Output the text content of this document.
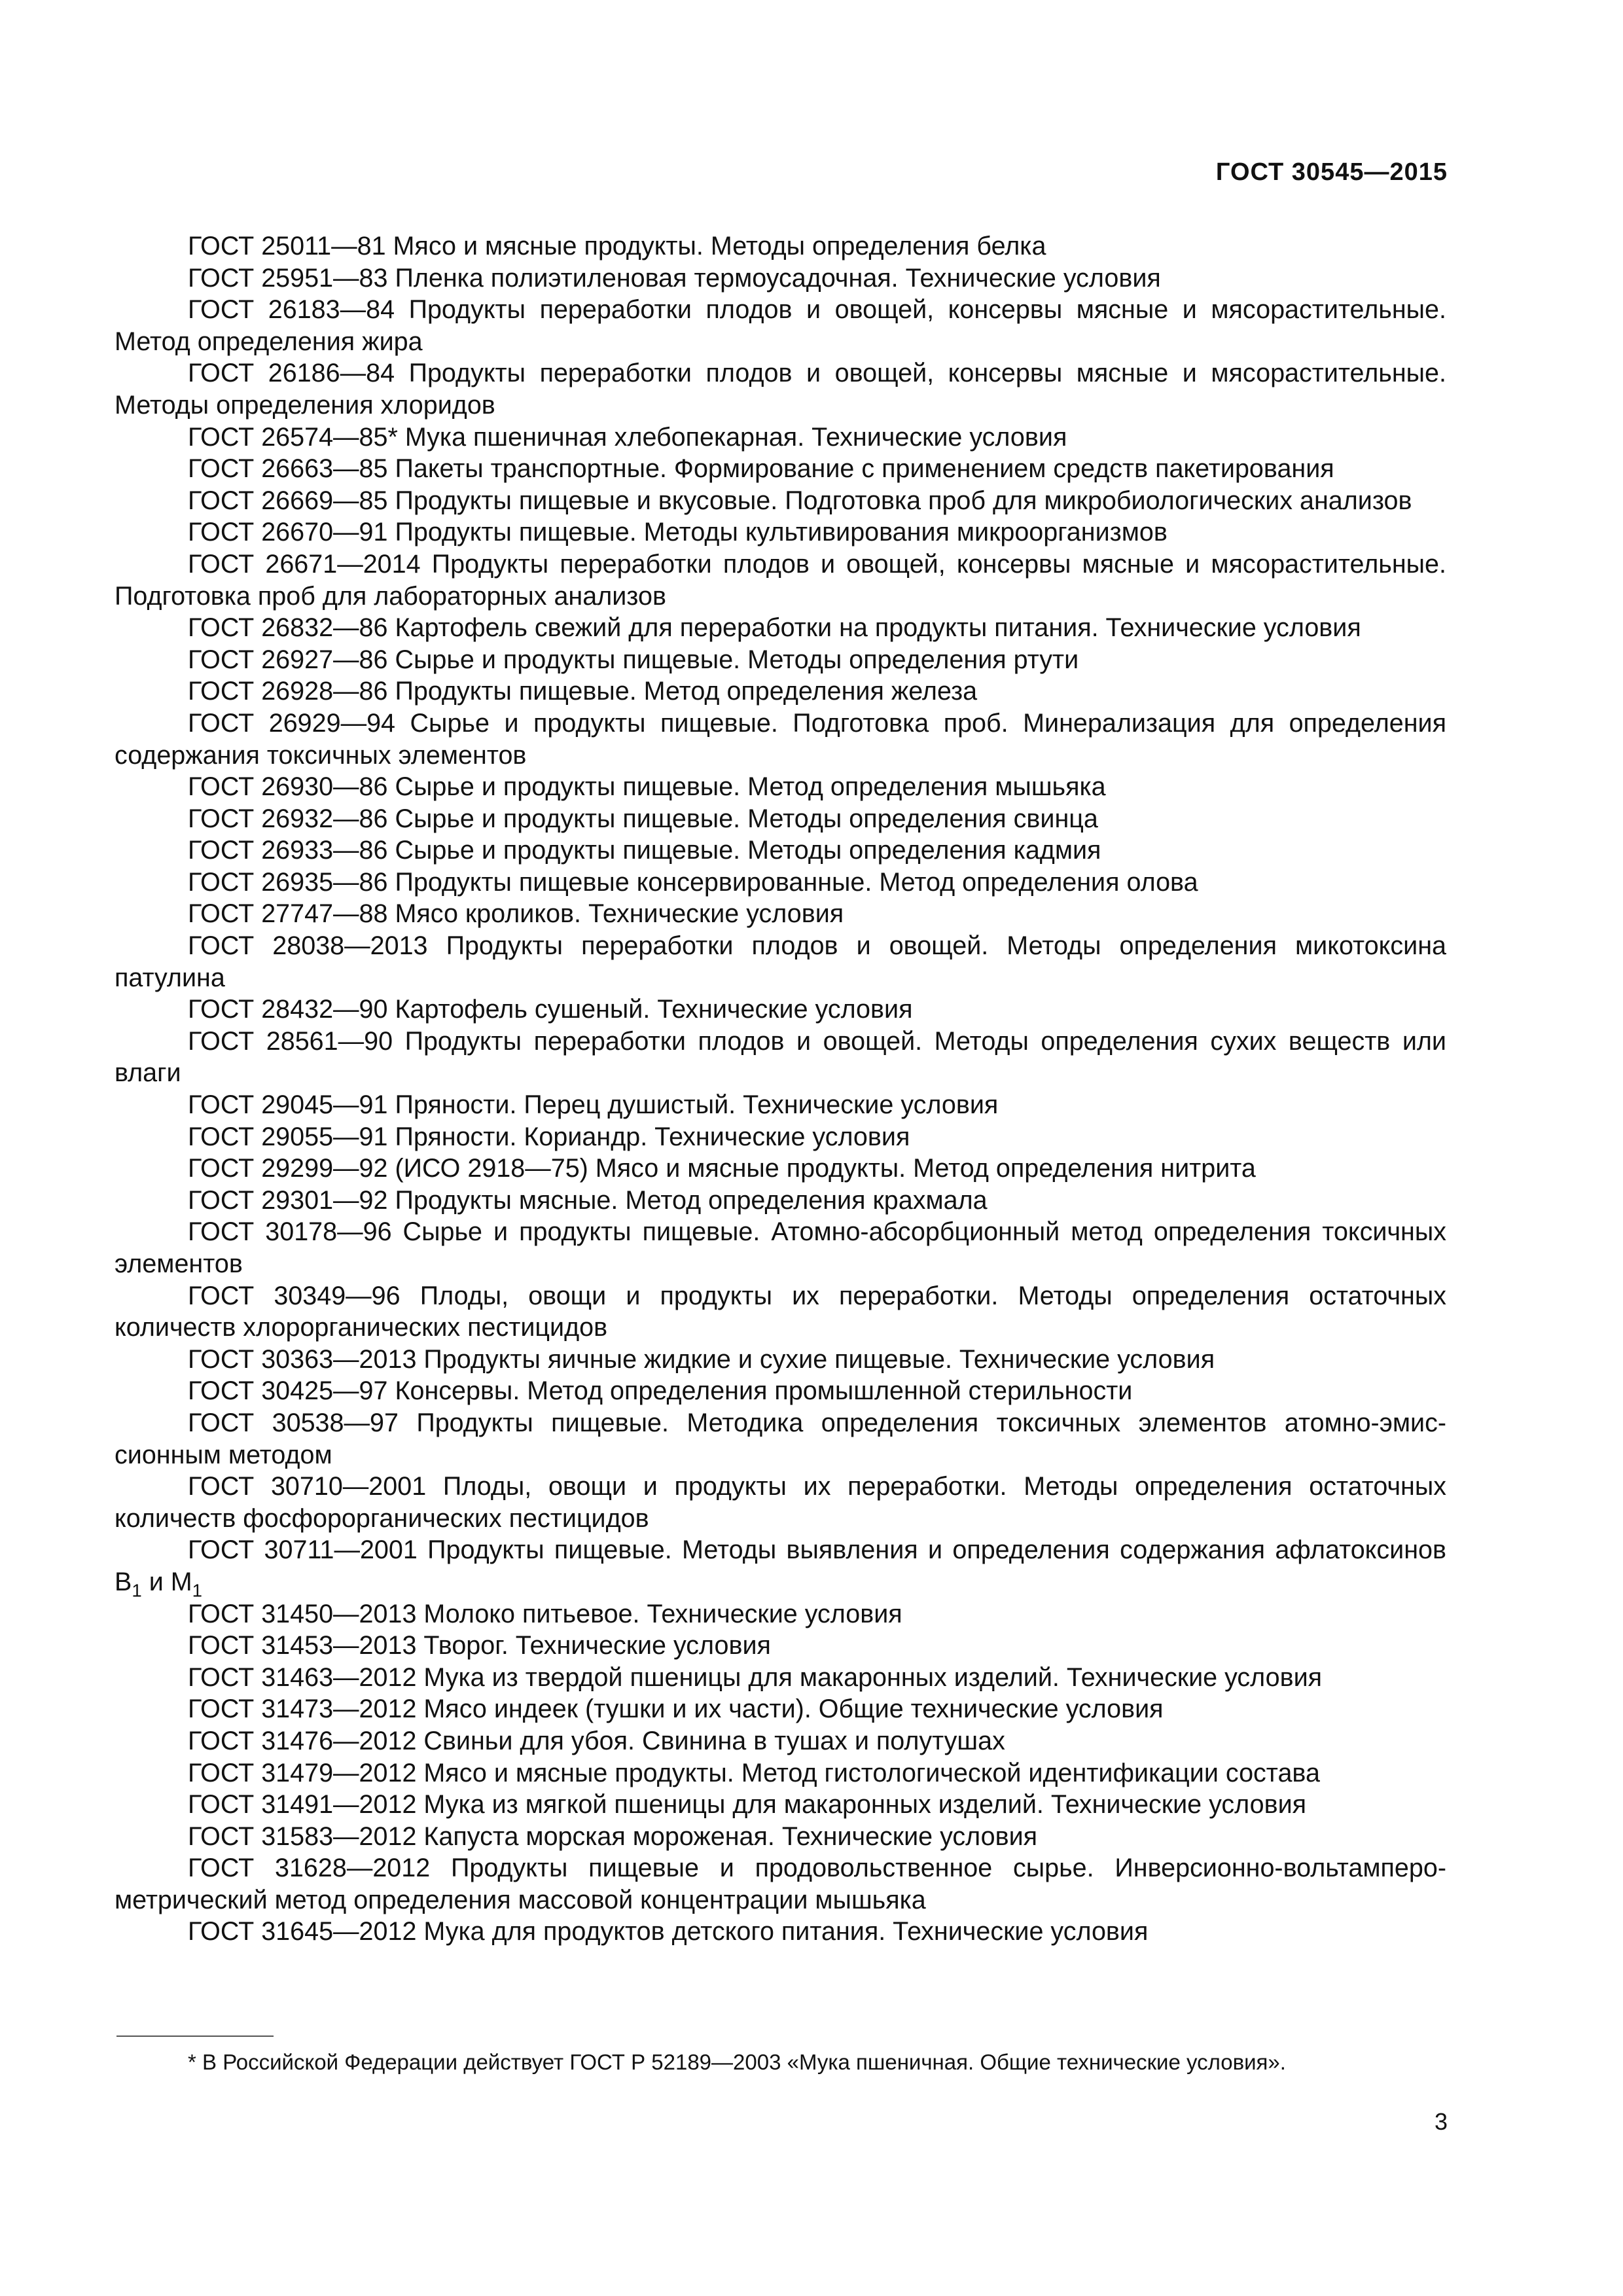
ГОСТ 30545—2015

ГОСТ 25011—81 Мясо и мясные продукты. Методы определения белка

ГОСТ 25951—83 Пленка полиэтиленовая термоусадочная. Технические условия

ГОСТ 26183—84 Продукты переработки плодов и овощей, консервы мясные и мясорастительные. Метод определения жира

ГОСТ 26186—84 Продукты переработки плодов и овощей, консервы мясные и мясорастительные. Методы определения хлоридов

ГОСТ 26574—85* Мука пшеничная хлебопекарная. Технические условия

ГОСТ 26663—85 Пакеты транспортные. Формирование с применением средств пакетирования

ГОСТ 26669—85 Продукты пищевые и вкусовые. Подготовка проб для микробиологических анализов

ГОСТ 26670—91 Продукты пищевые. Методы культивирования микроорганизмов

ГОСТ 26671—2014 Продукты переработки плодов и овощей, консервы мясные и мясорастительные. Подготовка проб для лабораторных анализов

ГОСТ 26832—86 Картофель свежий для переработки на продукты питания. Технические условия

ГОСТ 26927—86 Сырье и продукты пищевые. Методы определения ртути

ГОСТ 26928—86 Продукты пищевые. Метод определения железа

ГОСТ 26929—94 Сырье и продукты пищевые. Подготовка проб. Минерализация для определения содержания токсичных элементов

ГОСТ 26930—86 Сырье и продукты пищевые. Метод определения мышьяка

ГОСТ 26932—86 Сырье и продукты пищевые. Методы определения свинца

ГОСТ 26933—86 Сырье и продукты пищевые. Методы определения кадмия

ГОСТ 26935—86 Продукты пищевые консервированные. Метод определения олова

ГОСТ 27747—88 Мясо кроликов. Технические условия

ГОСТ 28038—2013 Продукты переработки плодов и овощей. Методы определения микотоксина патулина

ГОСТ 28432—90 Картофель сушеный. Технические условия

ГОСТ 28561—90 Продукты переработки плодов и овощей. Методы определения сухих веществ или влаги

ГОСТ 29045—91 Пряности. Перец душистый. Технические условия

ГОСТ 29055—91 Пряности. Кориандр. Технические условия

ГОСТ 29299—92 (ИСО 2918—75) Мясо и мясные продукты. Метод определения нитрита

ГОСТ 29301—92 Продукты мясные. Метод определения крахмала

ГОСТ 30178—96 Сырье и продукты пищевые. Атомно-абсорбционный метод определения токсичных элементов

ГОСТ 30349—96 Плоды, овощи и продукты их переработки. Методы определения остаточных количеств хлорорганических пестицидов

ГОСТ 30363—2013 Продукты яичные жидкие и сухие пищевые. Технические условия

ГОСТ 30425—97 Консервы. Метод определения промышленной стерильности

ГОСТ 30538—97 Продукты пищевые. Методика определения токсичных элементов атомно-эмиссионным методом

ГОСТ 30710—2001 Плоды, овощи и продукты их переработки. Методы определения остаточных количеств фосфорорганических пестицидов

ГОСТ 30711—2001 Продукты пищевые. Методы выявления и определения содержания афлатоксинов $В_1$ и $М_1$

ГОСТ 31450—2013 Молоко питьевое. Технические условия

ГОСТ 31453—2013 Творог. Технические условия

ГОСТ 31463—2012 Мука из твердой пшеницы для макаронных изделий. Технические условия

ГОСТ 31473—2012 Мясо индеек (тушки и их части). Общие технические условия

ГОСТ 31476—2012 Свиньи для убоя. Свинина в тушах и полутушах

ГОСТ 31479—2012 Мясо и мясные продукты. Метод гистологической идентификации состава

ГОСТ 31491—2012 Мука из мягкой пшеницы для макаронных изделий. Технические условия

ГОСТ 31583—2012 Капуста морская мороженая. Технические условия

ГОСТ 31628—2012 Продукты пищевые и продовольственное сырье. Инверсионно-вольтамперометрический метод определения массовой концентрации мышьяка

ГОСТ 31645—2012 Мука для продуктов детского питания. Технические условия

* В Российской Федерации действует ГОСТ Р 52189—2003 «Мука пшеничная. Общие технические условия».
3
